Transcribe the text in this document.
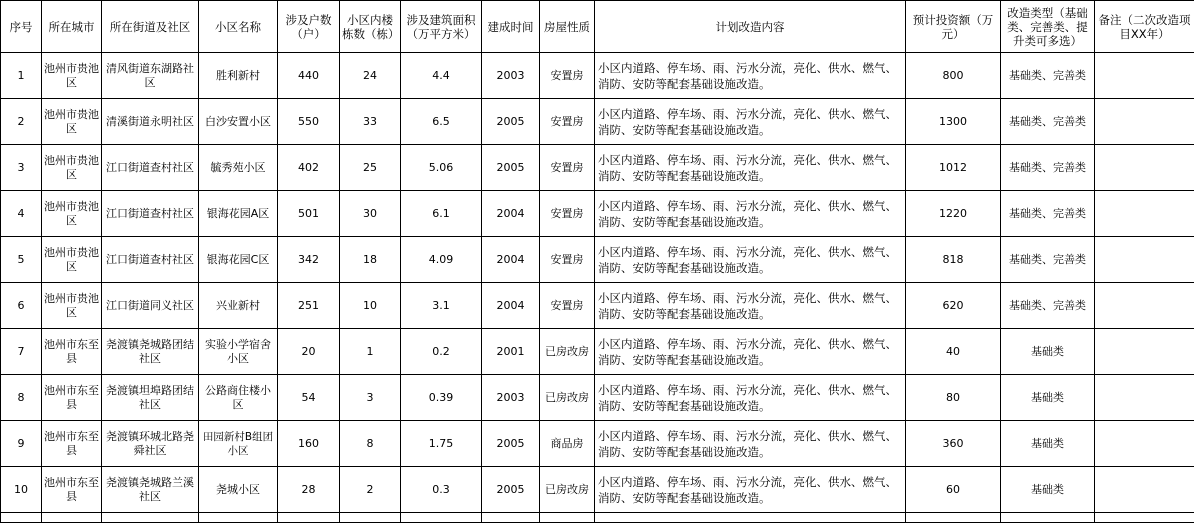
序号	所在城市	所在街道及社区	小区名称	涉及户数（户）	小区内楼栋数（栋）	涉及建筑面积（万平方米）	建成时间	房屋性质	计划改造内容	预计投资额（万元）	改造类型（基础类、完善类、提升类可多选）	备注（二次改造项目XX年）
1	池州市贵池区	清风街道东湖路社区	胜利新村	440	24	4.4	2003	安置房	小区内道路、停车场、雨、污水分流，亮化、供水、燃气、消防、安防等配套基础设施改造。	800	基础类、完善类	
2	池州市贵池区	清溪街道永明社区	白沙安置小区	550	33	6.5	2005	安置房	小区内道路、停车场、雨、污水分流，亮化、供水、燃气、消防、安防等配套基础设施改造。	1300	基础类、完善类	
3	池州市贵池区	江口街道查村社区	毓秀苑小区	402	25	5.06	2005	安置房	小区内道路、停车场、雨、污水分流，亮化、供水、燃气、消防、安防等配套基础设施改造。	1012	基础类、完善类	
4	池州市贵池区	江口街道查村社区	银海花园A区	501	30	6.1	2004	安置房	小区内道路、停车场、雨、污水分流，亮化、供水、燃气、消防、安防等配套基础设施改造。	1220	基础类、完善类	
5	池州市贵池区	江口街道查村社区	银海花园C区	342	18	4.09	2004	安置房	小区内道路、停车场、雨、污水分流，亮化、供水、燃气、消防、安防等配套基础设施改造。	818	基础类、完善类	
6	池州市贵池区	江口街道同义社区	兴业新村	251	10	3.1	2004	安置房	小区内道路、停车场、雨、污水分流，亮化、供水、燃气、消防、安防等配套基础设施改造。	620	基础类、完善类	
7	池州市东至县	尧渡镇尧城路团结社区	实验小学宿舍小区	20	1	0.2	2001	已房改房	小区内道路、停车场、雨、污水分流，亮化、供水、燃气、消防、安防等配套基础设施改造。	40	基础类	
8	池州市东至县	尧渡镇坦埠路团结社区	公路商住楼小区	54	3	0.39	2003	已房改房	小区内道路、停车场、雨、污水分流，亮化、供水、燃气、消防、安防等配套基础设施改造。	80	基础类	
9	池州市东至县	尧渡镇环城北路尧舜社区	田园新村B组团小区	160	8	1.75	2005	商品房	小区内道路、停车场、雨、污水分流，亮化、供水、燃气、消防、安防等配套基础设施改造。	360	基础类	
10	池州市东至县	尧渡镇尧城路兰溪社区	尧城小区	28	2	0.3	2005	已房改房	小区内道路、停车场、雨、污水分流，亮化、供水、燃气、消防、安防等配套基础设施改造。	60	基础类	
